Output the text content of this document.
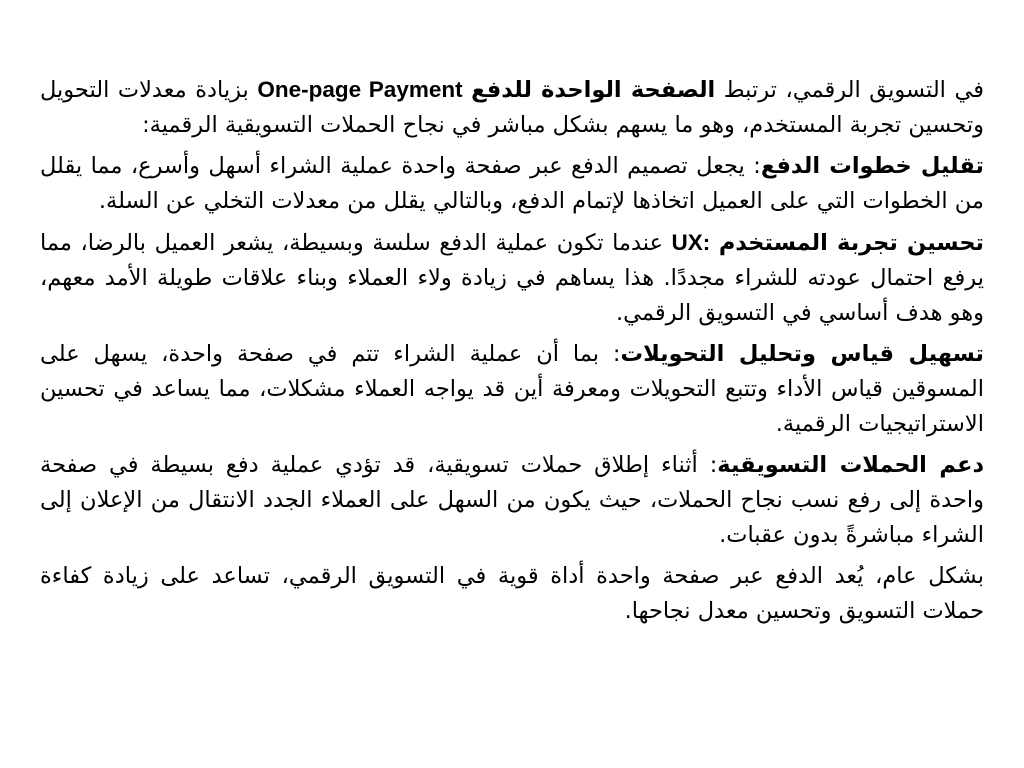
في التسويق الرقمي، ترتبط الصفحة الواحدة للدفع One-page Payment بزيادة معدلات التحويل وتحسين تجربة المستخدم، وهو ما يسهم بشكل مباشر في نجاح الحملات التسويقية الرقمية:

تقليل خطوات الدفع: يجعل تصميم الدفع عبر صفحة واحدة عملية الشراء أسهل وأسرع، مما يقلل من الخطوات التي على العميل اتخاذها لإتمام الدفع، وبالتالي يقلل من معدلات التخلي عن السلة.

تحسين تجربة المستخدم UX: عندما تكون عملية الدفع سلسة وبسيطة، يشعر العميل بالرضا، مما يرفع احتمال عودته للشراء مجددًا. هذا يساهم في زيادة ولاء العملاء وبناء علاقات طويلة الأمد معهم، وهو هدف أساسي في التسويق الرقمي.

تسهيل قياس وتحليل التحويلات: بما أن عملية الشراء تتم في صفحة واحدة، يسهل على المسوقين قياس الأداء وتتبع التحويلات ومعرفة أين قد يواجه العملاء مشكلات، مما يساعد في تحسين الاستراتيجيات الرقمية.

دعم الحملات التسويقية: أثناء إطلاق حملات تسويقية، قد تؤدي عملية دفع بسيطة في صفحة واحدة إلى رفع نسب نجاح الحملات، حيث يكون من السهل على العملاء الجدد الانتقال من الإعلان إلى الشراء مباشرةً بدون عقبات.

بشكل عام، يُعد الدفع عبر صفحة واحدة أداة قوية في التسويق الرقمي، تساعد على زيادة كفاءة حملات التسويق وتحسين معدل نجاحها.
